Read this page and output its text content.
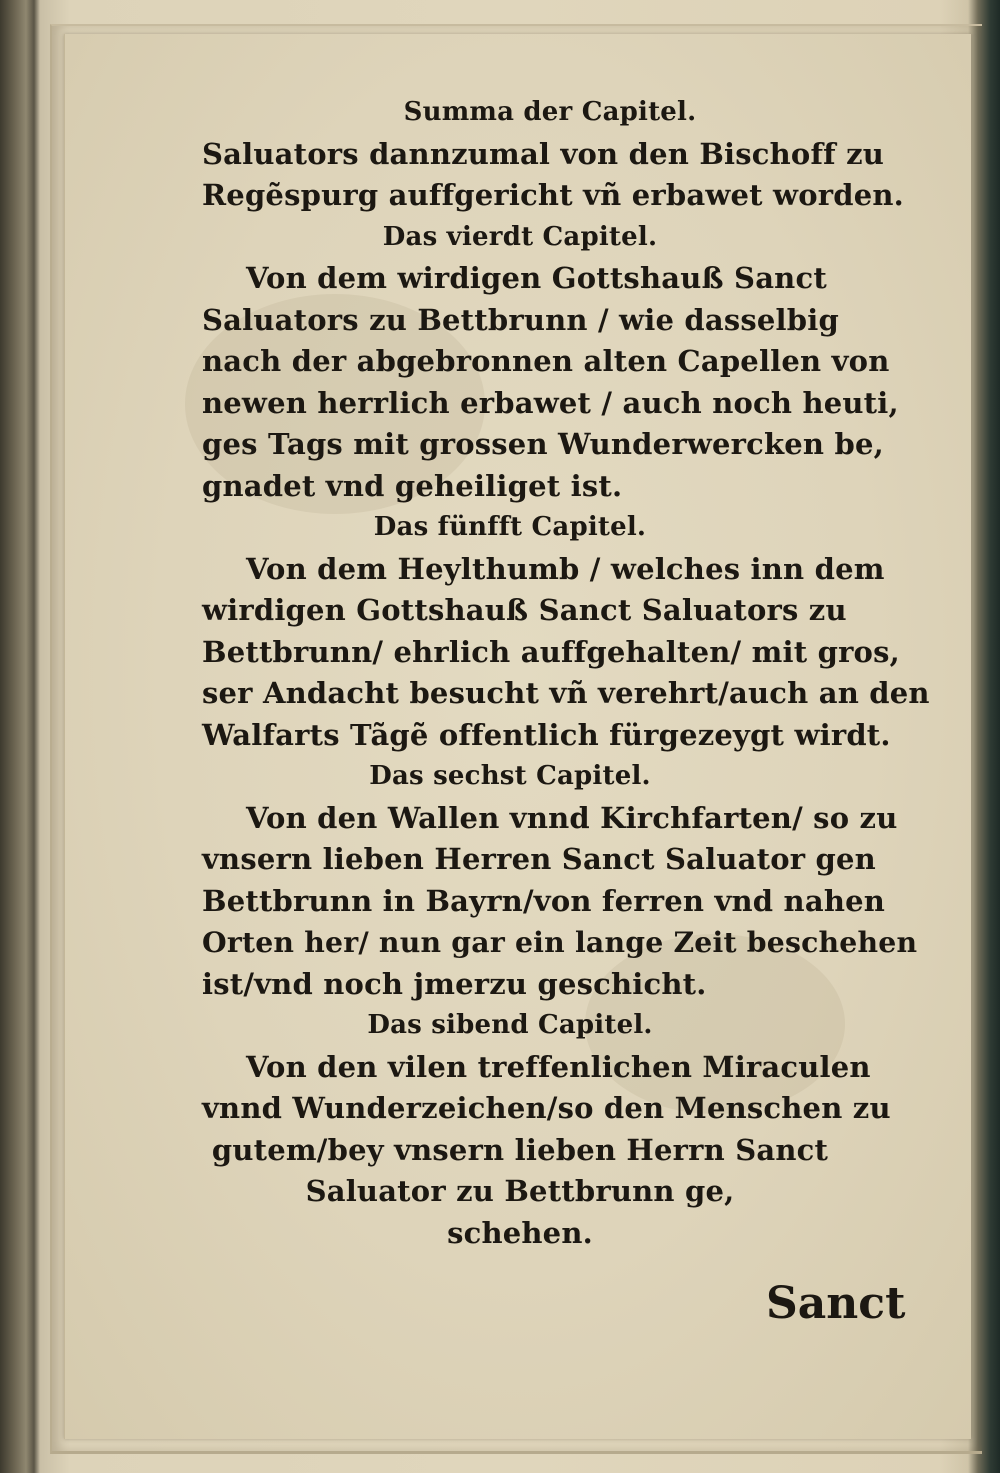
Summa der Capitel.
Saluators dannzumal von den Bischoff zu
Regẽspurg auffgericht vñ erbawet worden.
Das vierdt Capitel.
Von dem wirdigen Gottshauß Sanct
Saluators zu Bettbrunn / wie dasselbig
nach der abgebronnen alten Capellen von
newen herrlich erbawet / auch noch heuti,
ges Tags mit grossen Wunderwercken be,
gnadet vnd geheiliget ist.
Das fünfft Capitel.
Von dem Heylthumb / welches inn dem
wirdigen Gottshauß Sanct Saluators zu
Bettbrunn/ ehrlich auffgehalten/ mit gros,
ser Andacht besucht vñ verehrt/auch an den
Walfarts Tãgẽ offentlich fürgezeygt wirdt.
Das sechst Capitel.
Von den Wallen vnnd Kirchfarten/ so zu
vnsern lieben Herren Sanct Saluator gen
Bettbrunn in Bayrn/von ferren vnd nahen
Orten her/ nun gar ein lange Zeit beschehen
ist/vnd noch jmerzu geschicht.
Das sibend Capitel.
Von den vilen treffenlichen Miraculen
vnnd Wunderzeichen/so den Menschen zu
gutem/bey vnsern lieben Herrn Sanct
Saluator zu Bettbrunn ge,
schehen.
Sanct
